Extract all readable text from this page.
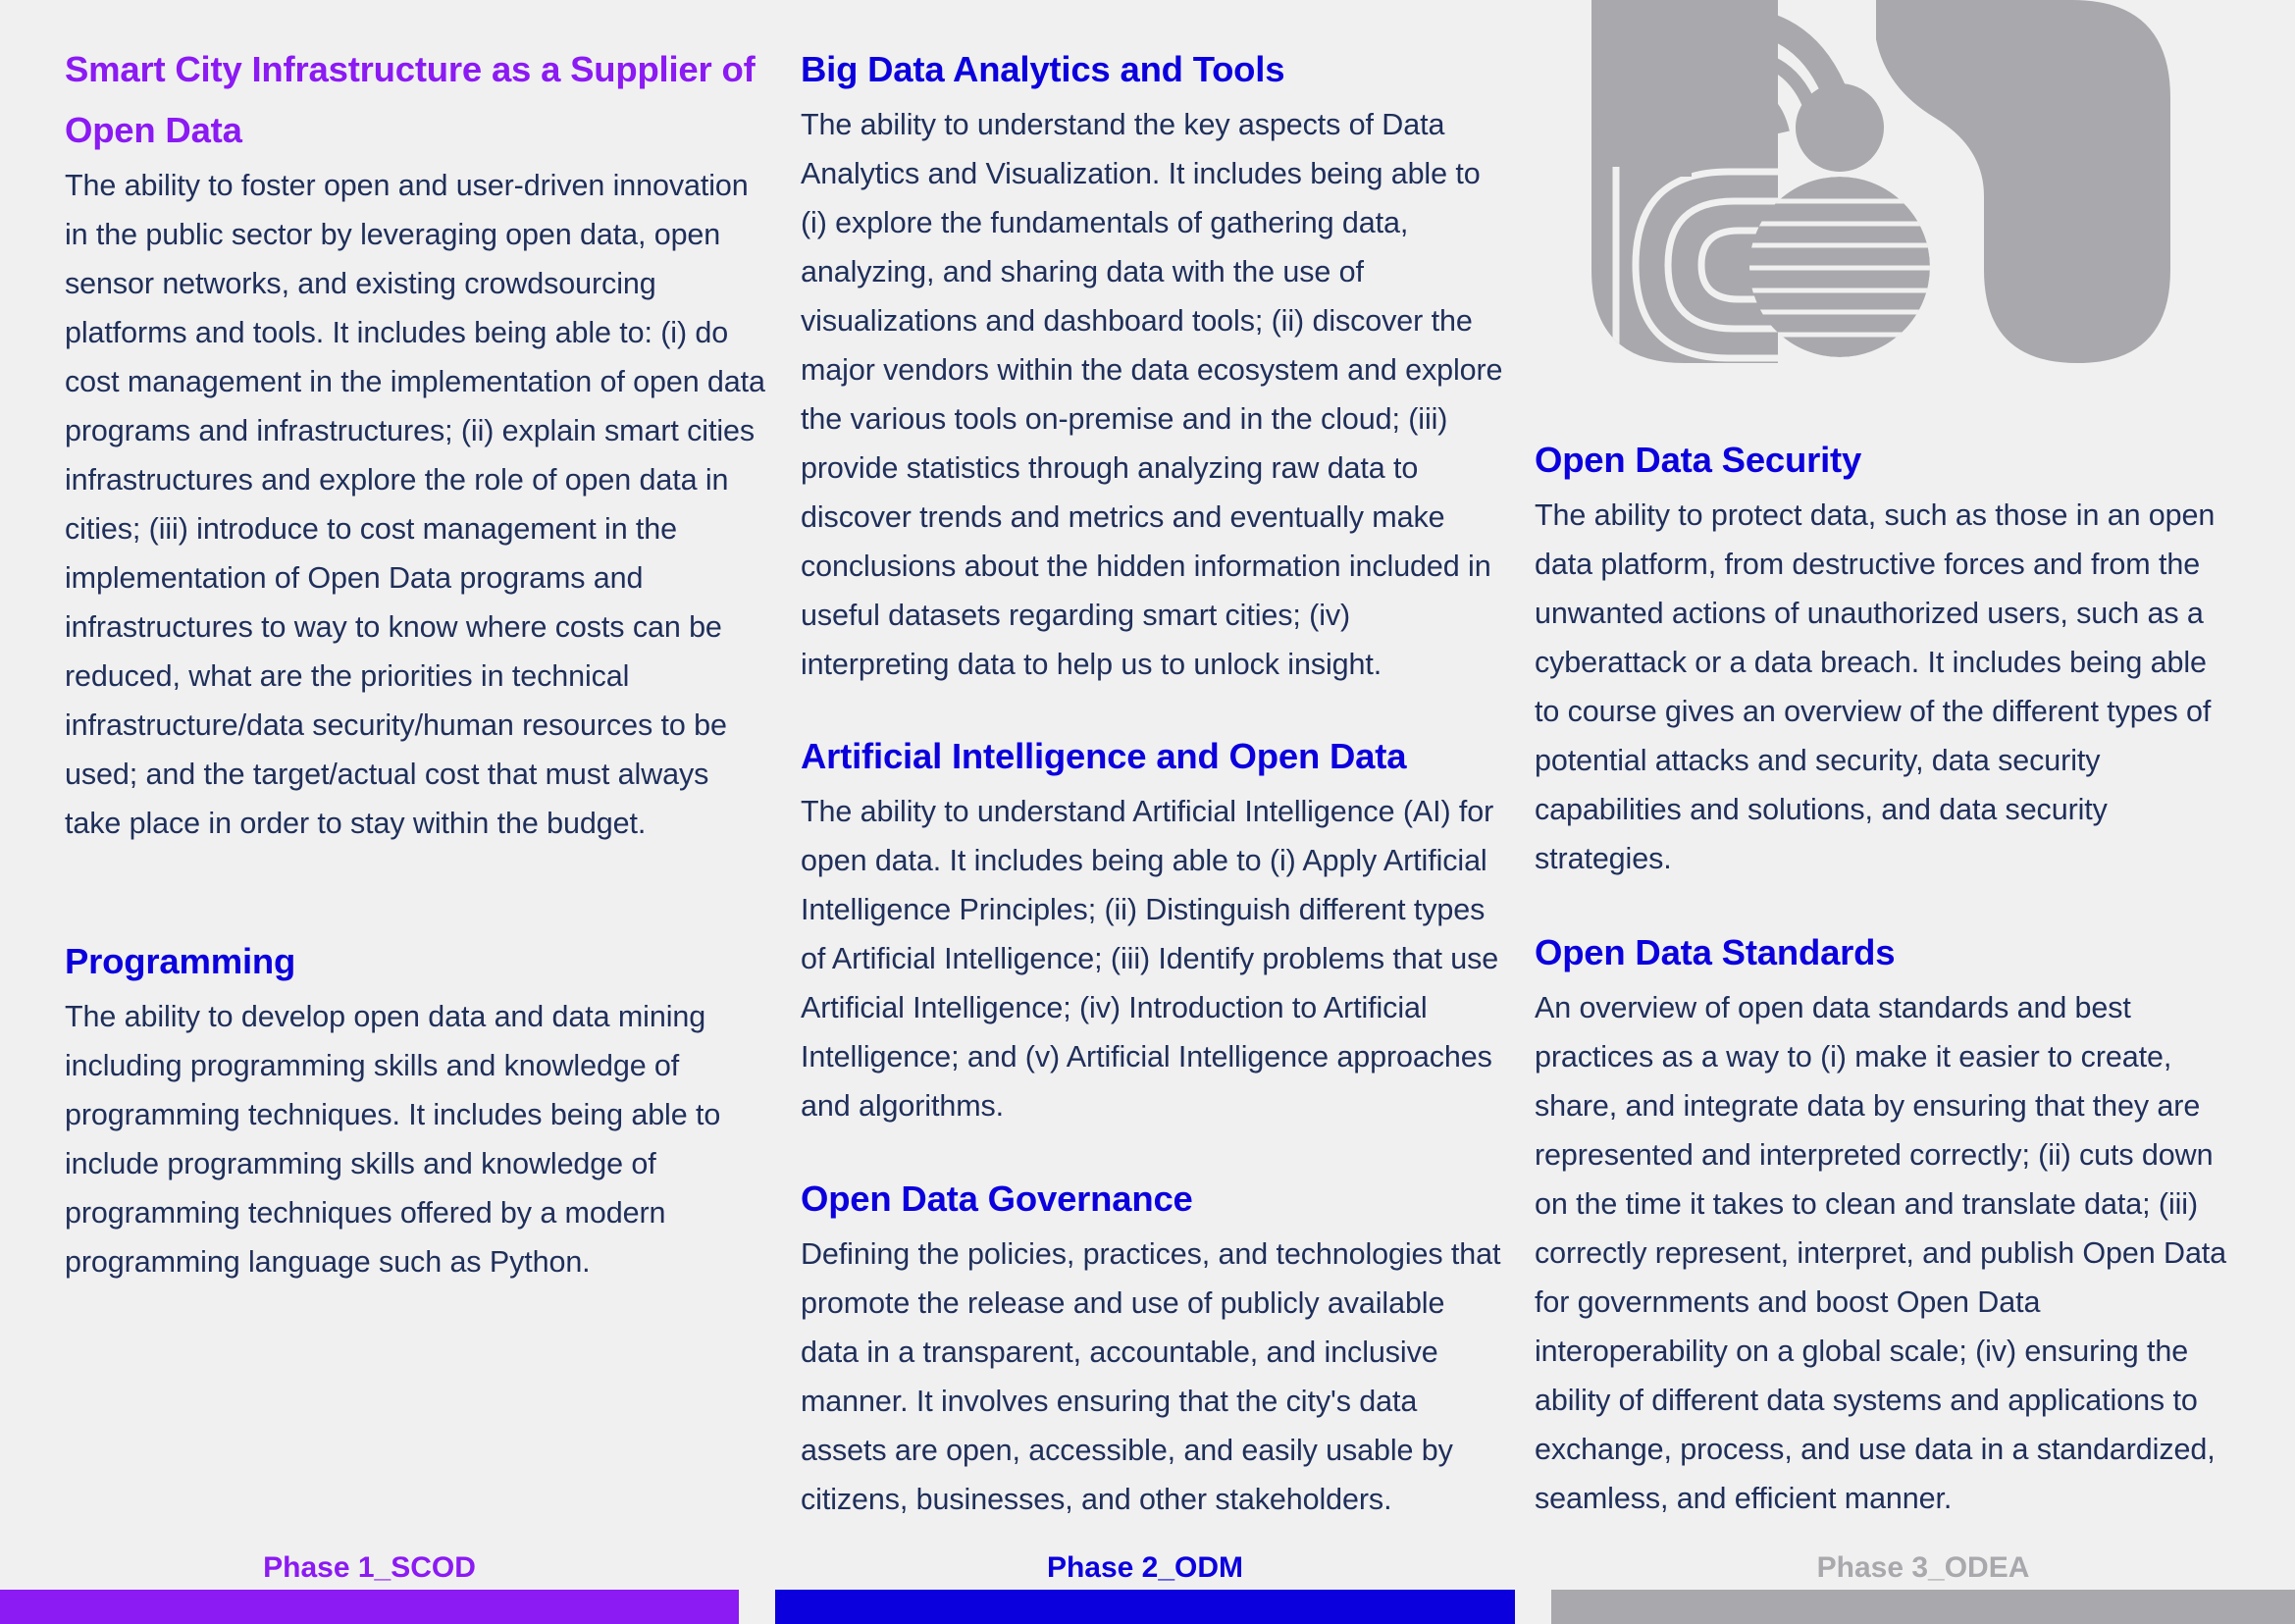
Smart City Infrastructure as a Supplier of Open Data

The ability to foster open and user-driven innovation in the public sector by leveraging open data, open sensor networks, and existing crowdsourcing platforms and tools. It includes being able to: (i) do cost management in the implementation of open data programs and infrastructures; (ii) explain smart cities infrastructures and explore the role of open data in cities; (iii) introduce to cost management in the implementation of Open Data programs and infrastructures to way to know where costs can be reduced, what are the priorities in technical infrastructure/data security/human resources to be used; and the target/actual cost that must always take place in order to stay within the budget.

Programming

The ability to develop open data and data mining including programming skills and knowledge of programming techniques. It includes being able to include programming skills and knowledge of programming techniques offered by a modern programming language such as Python.

Big Data Analytics and Tools

The ability to understand the key aspects of Data Analytics and Visualization. It includes being able to (i) explore the fundamentals of gathering data, analyzing, and sharing data with the use of visualizations and dashboard tools; (ii) discover the major vendors within the data ecosystem and explore the various tools on-premise and in the cloud; (iii) provide statistics through analyzing raw data to discover trends and metrics and eventually make conclusions about the hidden information included in useful datasets regarding smart cities; (iv) interpreting data to help us to unlock insight.

Artificial Intelligence and Open Data

The ability to understand Artificial Intelligence (AI) for open data. It includes being able to (i) Apply Artificial Intelligence Principles; (ii) Distinguish different types of Artificial Intelligence; (iii) Identify problems that use Artificial Intelligence; (iv) Introduction to Artificial Intelligence; and (v) Artificial Intelligence approaches and algorithms.

Open Data Governance

Defining the policies, practices, and technologies that promote the release and use of publicly available data in a transparent, accountable, and inclusive manner. It involves ensuring that the city's data assets are open, accessible, and easily usable by citizens, businesses, and other stakeholders.

Open Data Security

The ability to protect data, such as those in an open data platform, from destructive forces and from the unwanted actions of unauthorized users, such as a cyberattack or a data breach. It includes being able to course gives an overview of the different types of potential attacks and security, data security capabilities and solutions, and data security strategies.

Open Data Standards

An overview of open data standards and best practices as a way to (i) make it easier to create, share, and integrate data by ensuring that they are represented and interpreted correctly; (ii) cuts down on the time it takes to clean and translate data; (iii) correctly represent, interpret, and publish Open Data for governments and boost Open Data interoperability on a global scale; (iv) ensuring the ability of different data systems and applications to exchange, process, and use data in a standardized, seamless, and efficient manner.

Phase 1_SCOD	Phase 2_ODM	Phase 3_ODEA
